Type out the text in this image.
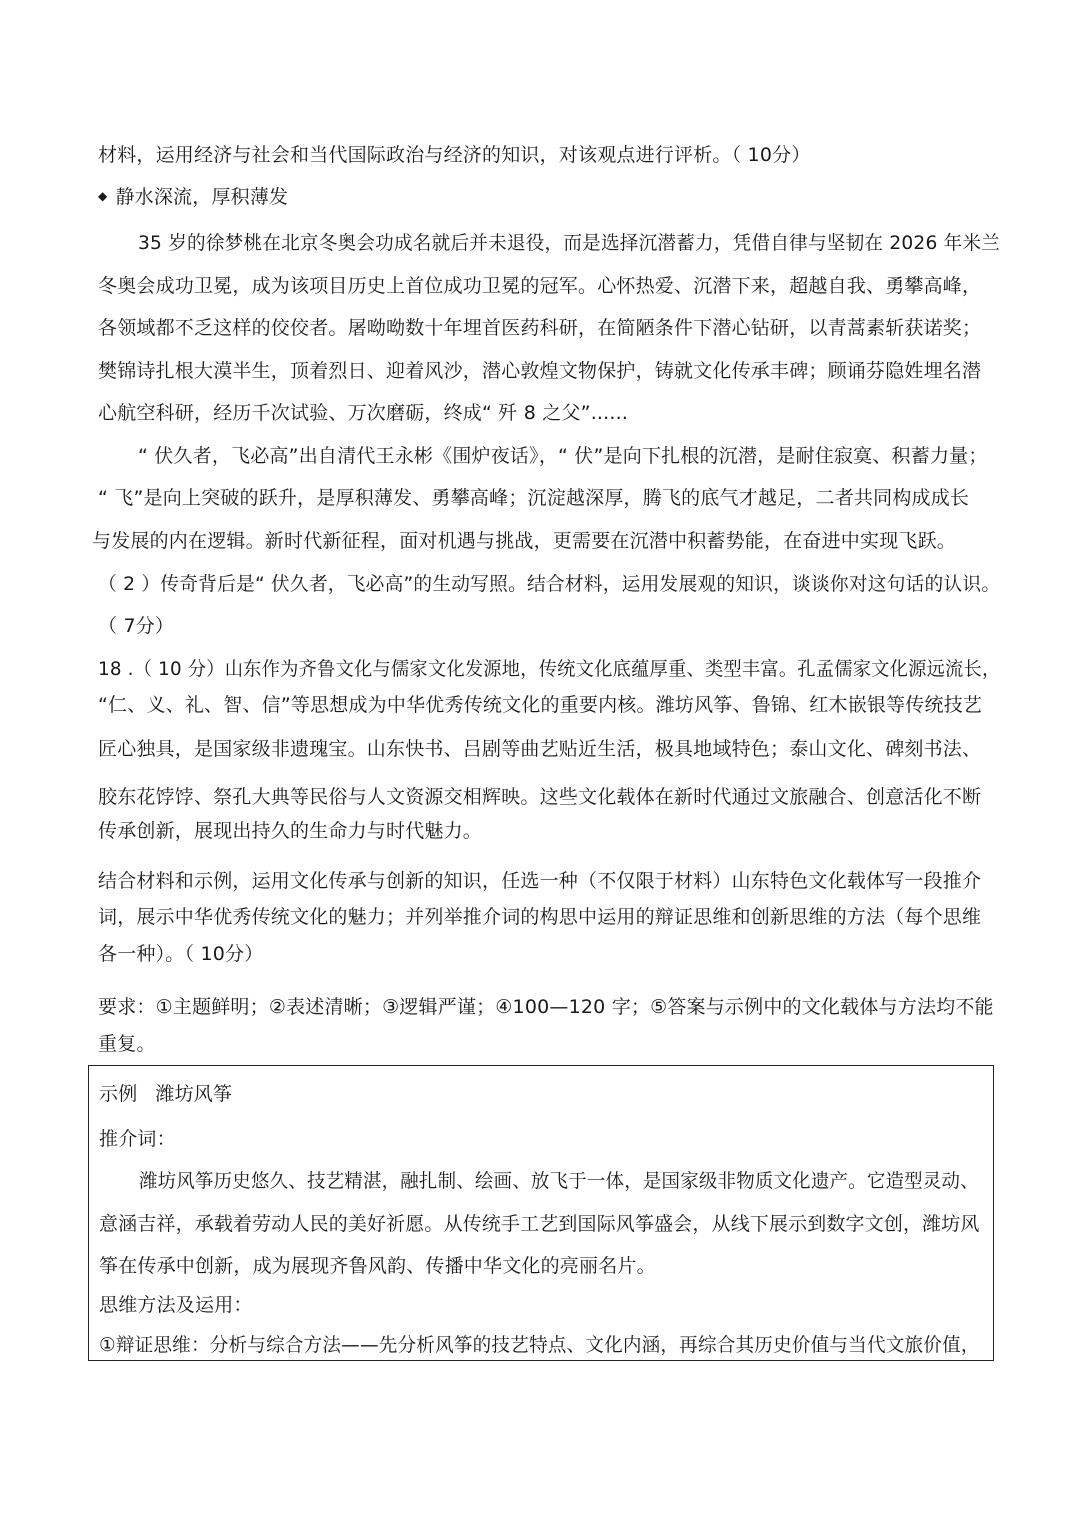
材料，运用经济与社会和当代国际政治与经济的知识，对该观点进行评析。（ 10分）
◆ 静水深流，厚积薄发
35 岁的徐梦桃在北京冬奥会功成名就后并未退役，而是选择沉潜蓄力，凭借自律与坚韧在 2026 年米兰
冬奥会成功卫冕，成为该项目历史上首位成功卫冕的冠军。心怀热爱、沉潜下来，超越自我、勇攀高峰，
各领域都不乏这样的佼佼者。屠呦呦数十年埋首医药科研，在简陋条件下潜心钻研，以青蒿素斩获诺奖；
樊锦诗扎根大漠半生，顶着烈日、迎着风沙，潜心敦煌文物保护，铸就文化传承丰碑；顾诵芬隐姓埋名潜
心航空科研，经历千次试验、万次磨砺，终成“ 歼 8 之父”......
“ 伏久者，飞必高”出自清代王永彬《围炉夜话》，“ 伏”是向下扎根的沉潜，是耐住寂寞、积蓄力量；
“ 飞”是向上突破的跃升，是厚积薄发、勇攀高峰；沉淀越深厚，腾飞的底气才越足，二者共同构成成长
与发展的内在逻辑。新时代新征程，面对机遇与挑战，更需要在沉潜中积蓄势能，在奋进中实现飞跃。
（ 2 ）传奇背后是“ 伏久者，飞必高”的生动写照。结合材料，运用发展观的知识，谈谈你对这句话的认识。
（ 7分）
18 .（ 10 分）山东作为齐鲁文化与儒家文化发源地，传统文化底蕴厚重、类型丰富。孔孟儒家文化源远流长，
“仁、义、礼、智、信”等思想成为中华优秀传统文化的重要内核。潍坊风筝、鲁锦、红木嵌银等传统技艺
匠心独具，是国家级非遗瑰宝。山东快书、吕剧等曲艺贴近生活，极具地域特色；泰山文化、碑刻书法、
胶东花饽饽、祭孔大典等民俗与人文资源交相辉映。这些文化载体在新时代通过文旅融合、创意活化不断
传承创新，展现出持久的生命力与时代魅力。
结合材料和示例，运用文化传承与创新的知识，任选一种（不仅限于材料）山东特色文化载体写一段推介
词，展示中华优秀传统文化的魅力；并列举推介词的构思中运用的辩证思维和创新思维的方法（每个思维
各一种）。（ 10分）
要求：①主题鲜明；②表述清晰；③逻辑严谨；④100—120 字；⑤答案与示例中的文化载体与方法均不能
重复。
示例 潍坊风筝
推介词：
潍坊风筝历史悠久、技艺精湛，融扎制、绘画、放飞于一体，是国家级非物质文化遗产。它造型灵动、
意涵吉祥，承载着劳动人民的美好祈愿。从传统手工艺到国际风筝盛会，从线下展示到数字文创，潍坊风
筝在传承中创新，成为展现齐鲁风韵、传播中华文化的亮丽名片。
思维方法及运用：
①辩证思维：分析与综合方法——先分析风筝的技艺特点、文化内涵，再综合其历史价值与当代文旅价值，
